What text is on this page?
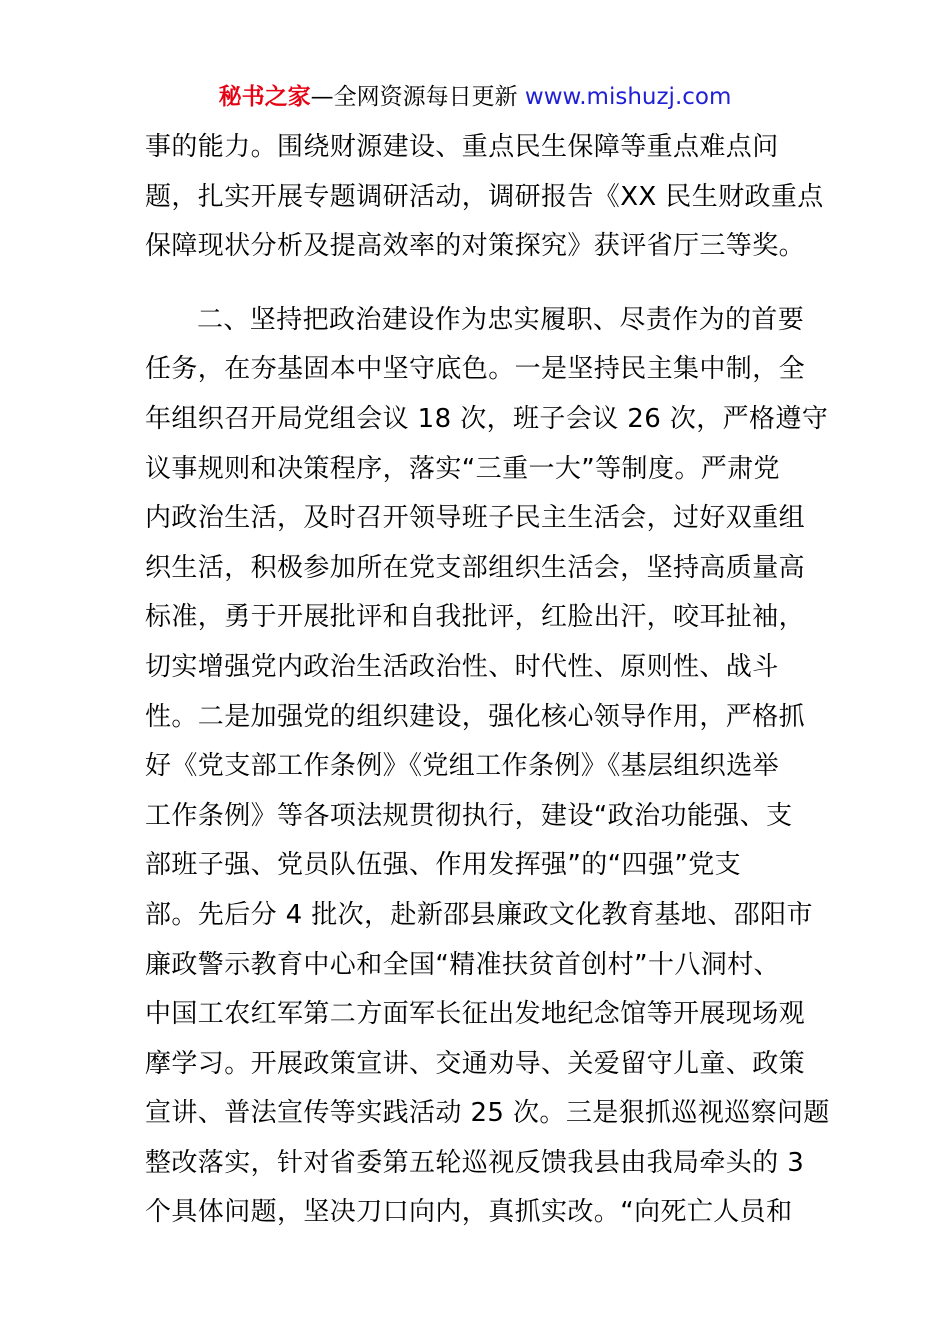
秘书之家—全网资源每日更新 www.mishuzj.com
事的能力。围绕财源建设、重点民生保障等重点难点问
题，扎实开展专题调研活动，调研报告《XX 民生财政重点
保障现状分析及提高效率的对策探究》获评省厅三等奖。
二、坚持把政治建设作为忠实履职、尽责作为的首要
任务，在夯基固本中坚守底色。一是坚持民主集中制，全
年组织召开局党组会议 18 次，班子会议 26 次，严格遵守
议事规则和决策程序，落实“三重一大”等制度。严肃党
内政治生活，及时召开领导班子民主生活会，过好双重组
织生活，积极参加所在党支部组织生活会，坚持高质量高
标准，勇于开展批评和自我批评，红脸出汗，咬耳扯袖，
切实增强党内政治生活政治性、时代性、原则性、战斗
性。二是加强党的组织建设，强化核心领导作用，严格抓
好《党支部工作条例》《党组工作条例》《基层组织选举
工作条例》等各项法规贯彻执行，建设“政治功能强、支
部班子强、党员队伍强、作用发挥强”的“四强”党支
部。先后分 4 批次，赴新邵县廉政文化教育基地、邵阳市
廉政警示教育中心和全国“精准扶贫首创村”十八洞村、
中国工农红军第二方面军长征出发地纪念馆等开展现场观
摩学习。开展政策宣讲、交通劝导、关爱留守儿童、政策
宣讲、普法宣传等实践活动 25 次。三是狠抓巡视巡察问题
整改落实，针对省委第五轮巡视反馈我县由我局牵头的 3
个具体问题，坚决刀口向内，真抓实改。“向死亡人员和
